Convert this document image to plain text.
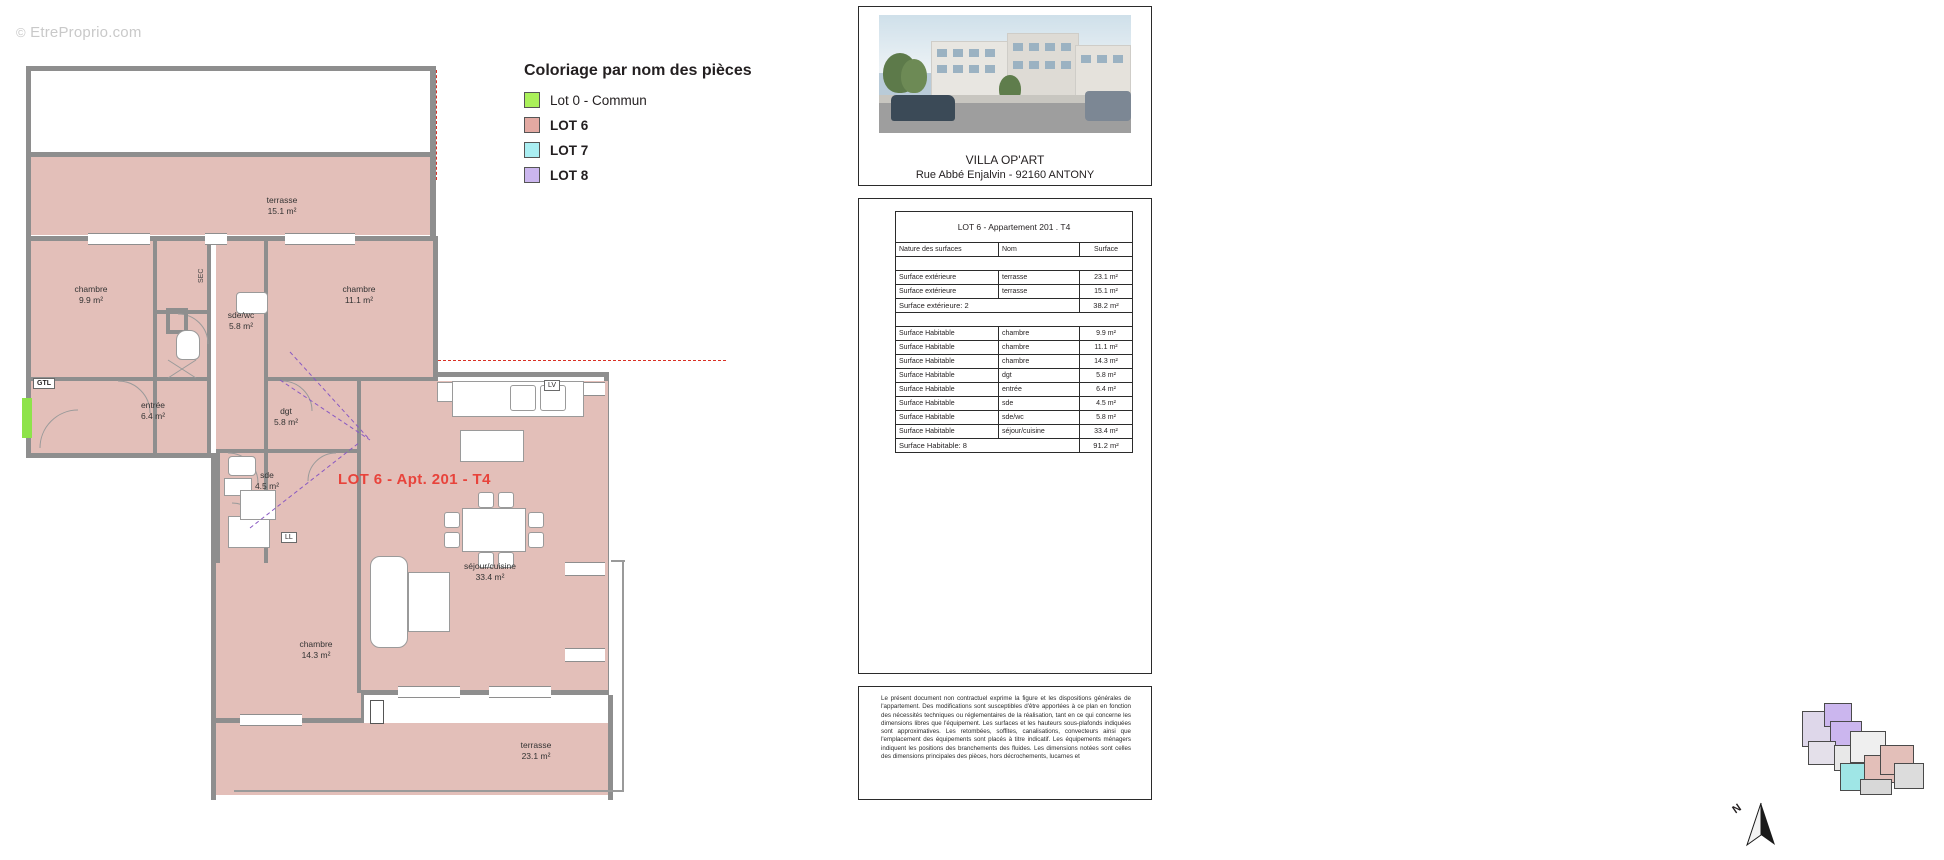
© EtreProprio.com
terrasse
15.1 m²
LV
GTL
LL
SEC
chambre
9.9 m²
chambre
11.1 m²
sde/wc
5.8 m²
entrée
6.4 m²	dgt
5.8 m²
sde
4.5 m²
chambre
14.3 m²
séjour/cuisine
33.4 m²
terrasse
23.1 m²
LOT 6 - Apt. 201 - T4
Coloriage par nom des pièces
Lot 0 - Commun
LOT 6
LOT 7
LOT 8
VILLA OP'ART
Rue Abbé Enjalvin - 92160 ANTONY
LOT 6 - Appartement 201 . T4
Nature des surfaces	Nom	Surface

Surface extérieure	terrasse	23.1 m²
Surface extérieure	terrasse	15.1 m²
Surface extérieure: 2		38.2 m²

Surface Habitable	chambre	9.9 m²
Surface Habitable	chambre	11.1 m²
Surface Habitable	chambre	14.3 m²
Surface Habitable	dgt	5.8 m²
Surface Habitable	entrée	6.4 m²
Surface Habitable	sde	4.5 m²
Surface Habitable	sde/wc	5.8 m²
Surface Habitable	séjour/cuisine	33.4 m²
Surface Habitable: 8		91.2 m²
N
Le présent document non contractuel exprime la figure et les dispositions générales de l'appartement. Des modifications sont susceptibles d'être apportées à ce plan en fonction des nécessités techniques ou réglementaires de la réalisation, tant en ce qui concerne les dimensions libres que l'équipement. Les surfaces et les hauteurs sous-plafonds indiquées sont approximatives. Les retombées, soffites, canalisations, convecteurs ainsi que l'emplacement des équipements sont placés à titre indicatif. Les équipements ménagers indiquent les positions des branchements des fluides. Les dimensions notées sont celles des dimensions principales des pièces, hors décrochements, lucarnes et
